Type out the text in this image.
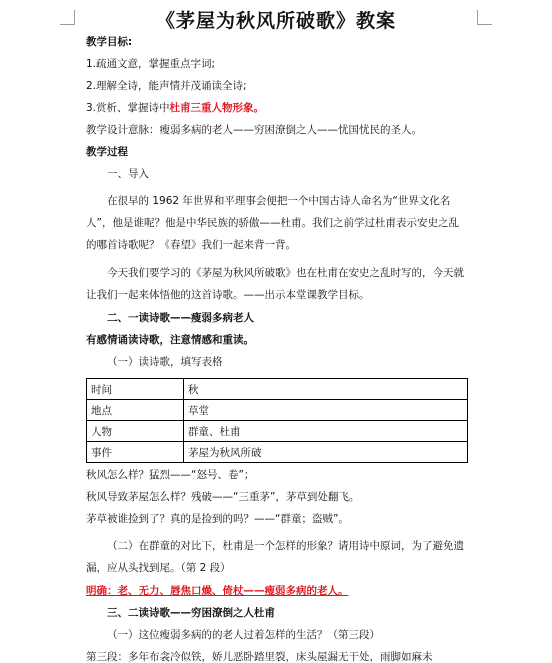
《茅屋为秋风所破歌》教案

教学目标:

1.疏通文意，掌握重点字词;

2.理解全诗，能声情并茂诵读全诗;

3.赏析、掌握诗中杜甫三重人物形象。

教学设计意脉：瘦弱多病的老人——穷困潦倒之人——忧国忧民的圣人。

教学过程

一、导入

在很早的 1962 年世界和平理事会便把一个中国古诗人命名为“世界文化名人”，他是谁呢？他是中华民族的骄傲——杜甫。我们之前学过杜甫表示安史之乱的哪首诗歌呢？《春望》我们一起来背一背。

今天我们要学习的《茅屋为秋风所破歌》也在杜甫在安史之乱时写的，今天就让我们一起来体悟他的这首诗歌。——出示本堂课教学目标。

二、一读诗歌——瘦弱多病老人

有感情诵读诗歌，注意情感和重读。

（一）读诗歌，填写表格

时间	秋
地点	草堂
人物	群童、杜甫
事件	茅屋为秋风所破

秋风怎么样？猛烈——“怒号、卷”；

秋风导致茅屋怎么样？残破——“三重茅”，茅草到处翻飞。

茅草被谁捡到了？真的是捡到的吗？——“群童；盗贼”。

（二）在群童的对比下，杜甫是一个怎样的形象？请用诗中原词，为了避免遗漏，应从头找到尾。（第 2 段）

明确：老、无力、唇焦口燥、倚杖——瘦弱多病的老人。

三、二读诗歌——穷困潦倒之人杜甫

（一）这位瘦弱多病的的老人过着怎样的生活？（第三段）

第三段：多年布衾冷似铁，娇儿恶卧踏里裂，床头屋漏无干处，雨脚如麻未
